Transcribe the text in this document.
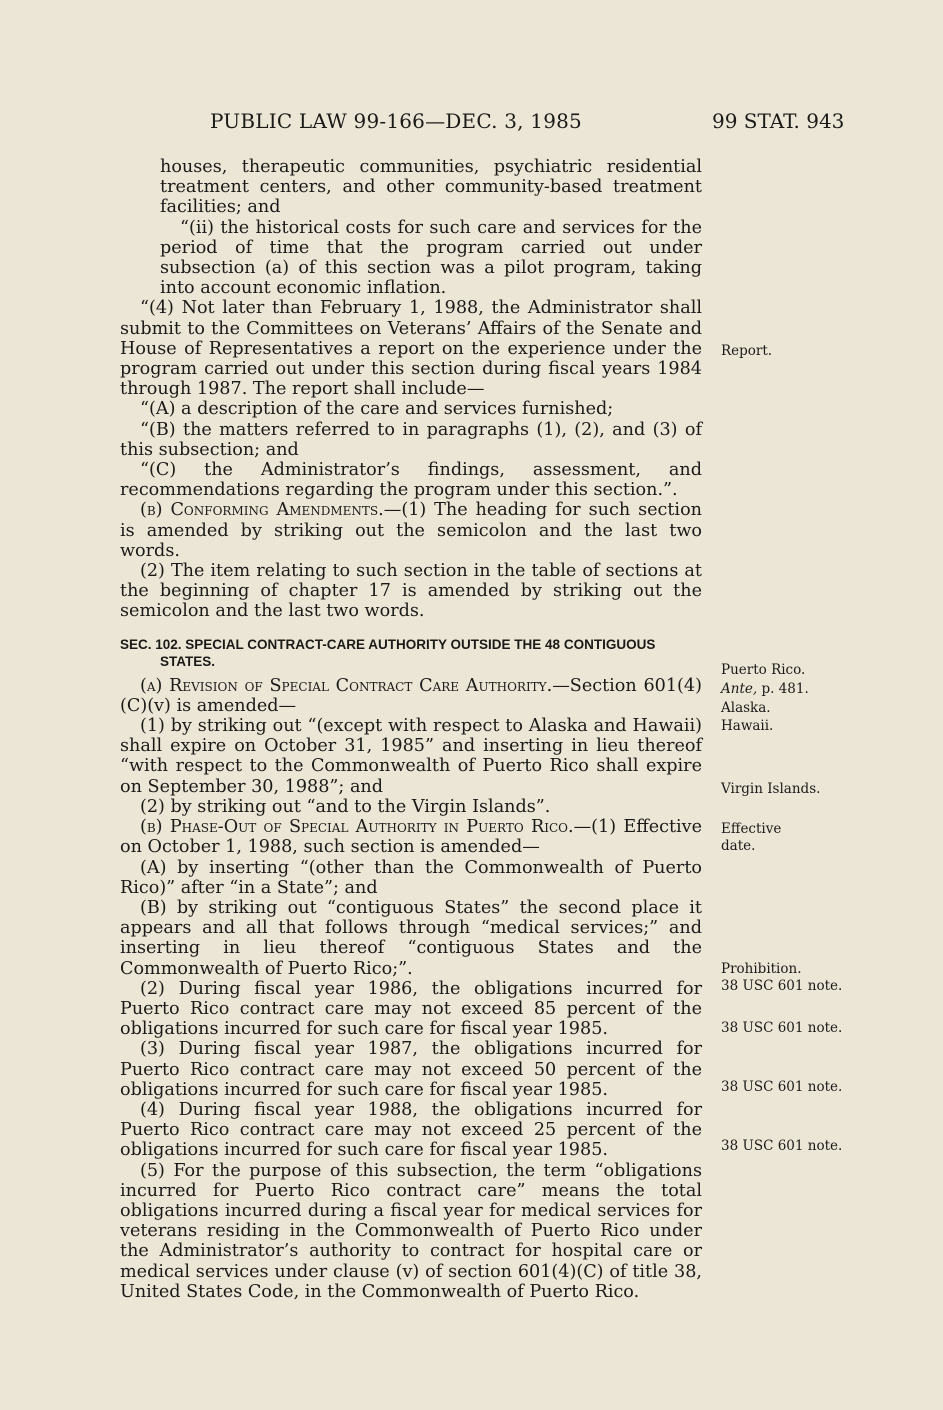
PUBLIC LAW 99-166—DEC. 3, 1985	99 STAT. 943

houses, therapeutic communities, psychiatric residential treatment centers, and other community-based treatment facilities; and

“(ii) the historical costs for such care and services for the period of time that the program carried out under subsection (a) of this section was a pilot program, taking into account economic inflation.

“(4) Not later than February 1, 1988, the Administrator shall submit to the Committees on Veterans’ Affairs of the Senate and House of Representatives a report on the experience under the program carried out under this section during fiscal years 1984 through 1987. The report shall include—

“(A) a description of the care and services furnished;

“(B) the matters referred to in paragraphs (1), (2), and (3) of this subsection; and

“(C) the Administrator’s findings, assessment, and recommendations regarding the program under this section.”.

(b) Conforming Amendments.—(1) The heading for such section is amended by striking out the semicolon and the last two words.

(2) The item relating to such section in the table of sections at the beginning of chapter 17 is amended by striking out the semicolon and the last two words.

SEC. 102. SPECIAL CONTRACT-CARE AUTHORITY OUTSIDE THE 48 CONTIGUOUS STATES.

(a) Revision of Special Contract Care Authority.—Section 601(4)(C)(v) is amended—

(1) by striking out “(except with respect to Alaska and Hawaii) shall expire on October 31, 1985” and inserting in lieu thereof “with respect to the Commonwealth of Puerto Rico shall expire on September 30, 1988”; and

(2) by striking out “and to the Virgin Islands”.

(b) Phase-Out of Special Authority in Puerto Rico.—(1) Effective on October 1, 1988, such section is amended—

(A) by inserting “(other than the Commonwealth of Puerto Rico)” after “in a State”; and

(B) by striking out “contiguous States” the second place it appears and all that follows through “medical services;” and inserting in lieu thereof “contiguous States and the Commonwealth of Puerto Rico;”.

(2) During fiscal year 1986, the obligations incurred for Puerto Rico contract care may not exceed 85 percent of the obligations incurred for such care for fiscal year 1985.

(3) During fiscal year 1987, the obligations incurred for Puerto Rico contract care may not exceed 50 percent of the obligations incurred for such care for fiscal year 1985.

(4) During fiscal year 1988, the obligations incurred for Puerto Rico contract care may not exceed 25 percent of the obligations incurred for such care for fiscal year 1985.

(5) For the purpose of this subsection, the term “obligations incurred for Puerto Rico contract care” means the total obligations incurred during a fiscal year for medical services for veterans residing in the Commonwealth of Puerto Rico under the Administrator’s authority to contract for hospital care or medical services under clause (v) of section 601(4)(C) of title 38, United States Code, in the Commonwealth of Puerto Rico.

Report.
Puerto Rico.
Ante, p. 481.
Alaska.
Hawaii.
Virgin Islands.
Effective
date.
Prohibition.
38 USC 601 note.
38 USC 601 note.
38 USC 601 note.
38 USC 601 note.
